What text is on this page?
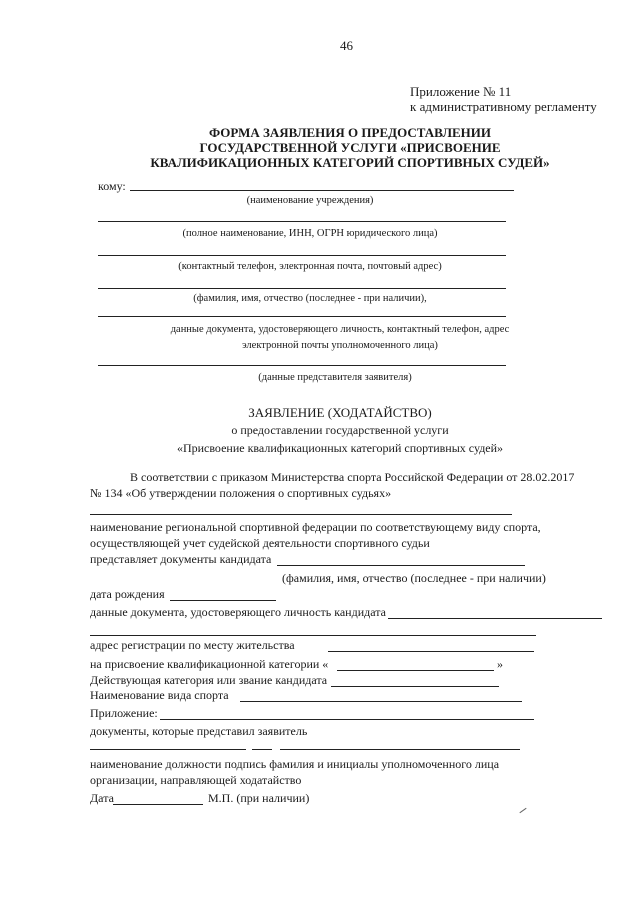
46
Приложение № 11
к административному регламенту
ФОРМА ЗАЯВЛЕНИЯ О ПРЕДОСТАВЛЕНИИ
ГОСУДАРСТВЕННОЙ УСЛУГИ «ПРИСВОЕНИЕ
КВАЛИФИКАЦИОННЫХ КАТЕГОРИЙ СПОРТИВНЫХ СУДЕЙ»
кому:
(наименование учреждения)
(полное наименование, ИНН, ОГРН юридического лица)
(контактный телефон, электронная почта, почтовый адрес)
(фамилия, имя, отчество (последнее - при наличии),
данные документа, удостоверяющего личность, контактный телефон, адрес
электронной почты уполномоченного лица)
(данные представителя заявителя)
ЗАЯВЛЕНИЕ (ХОДАТАЙСТВО)
о предоставлении государственной услуги
«Присвоение квалификационных категорий спортивных судей»
В соответствии с приказом Министерства спорта Российской Федерации от 28.02.2017
№ 134 «Об утверждении положения о спортивных судьях»
наименование региональной спортивной федерации по соответствующему виду спорта,
осуществляющей учет судейской деятельности спортивного судьи
представляет документы кандидата
(фамилия, имя, отчество (последнее - при наличии)
дата рождения
данные документа, удостоверяющего личность кандидата
адрес регистрации по месту жительства
на присвоение квалификационной категории «	»
Действующая категория или звание кандидата
Наименование вида спорта
Приложение:
документы, которые представил заявитель
наименование должности подпись фамилия и инициалы уполномоченного лица
организации, направляющей ходатайство
Дата	М.П. (при наличии)
